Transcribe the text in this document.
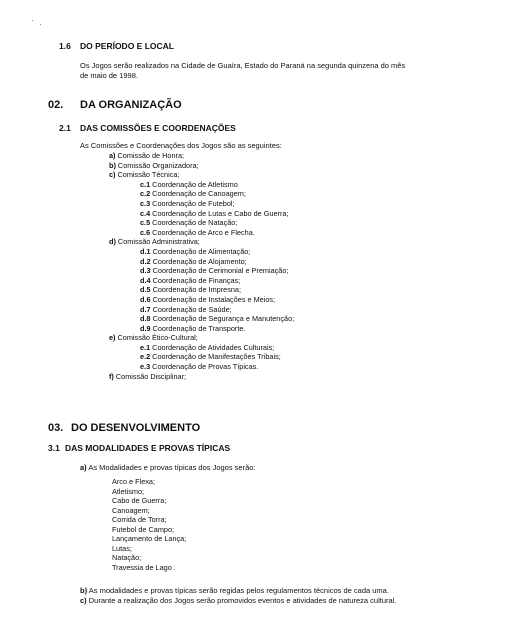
1.6 DO PERÍODO E LOCAL
Os Jogos serão realizados na Cidade de Guaíra, Estado do Paraná na segunda quinzena do mês
de maio de 1998.
02. DA ORGANIZAÇÃO
2.1 DAS COMISSÕES E COORDENAÇÕES
As Comissões e Coordenações dos Jogos são as seguintes:
a) Comissão de Honra;
b) Comissão Organizadora;
c) Comissão Técnica;
c.1 Coordenação de Atletismo
c.2 Coordenação de Canoagem;
c.3 Coordenação de Futebol;
c.4 Coordenação de Lutas e Cabo de Guerra;
c.5 Coordenação de Natação;
c.6 Coordenação de Arco e Flecha.
d) Comissão Administrativa;
d.1 Coordenação de Alimentação;
d.2 Coordenação de Alojamento;
d.3 Coordenação de Cerimonial e Premiação;
d.4 Coordenação de Finanças;
d.5 Coordenação de Impresna;
d.6 Coordenação de Instalações e Meios;
d.7 Coordenação de Saúde;
d.8 Coordenação de Segurança e Manutenção;
d.9 Coordenação de Transporte.
e) Comissão Ético-Cultural;
e.1 Coordenação de Atividades Culturais;
e.2 Coordenação de Manifestações Tribais;
e.3 Coordenação de Provas Típicas.
f) Comissão Disciplinar;
03. DO DESENVOLVIMENTO
3.1 DAS MODALIDADES E PROVAS TÍPICAS
a) As Modalidades e provas típicas dos Jogos serão:
Arco e Flexa;
Atletismo;
Cabo de Guerra;
Canoagem;
Corrida de Torra;
Futebol de Campo;
Lançamento de Lança;
Lutas;
Natação;
Travessia de Lago .
b) As modalidades e provas típicas serão regidas pelos regulamentos técnicos de cada uma.
c) Durante a realização dos Jogos serão promovidos eventos e atividades de natureza cultural.
